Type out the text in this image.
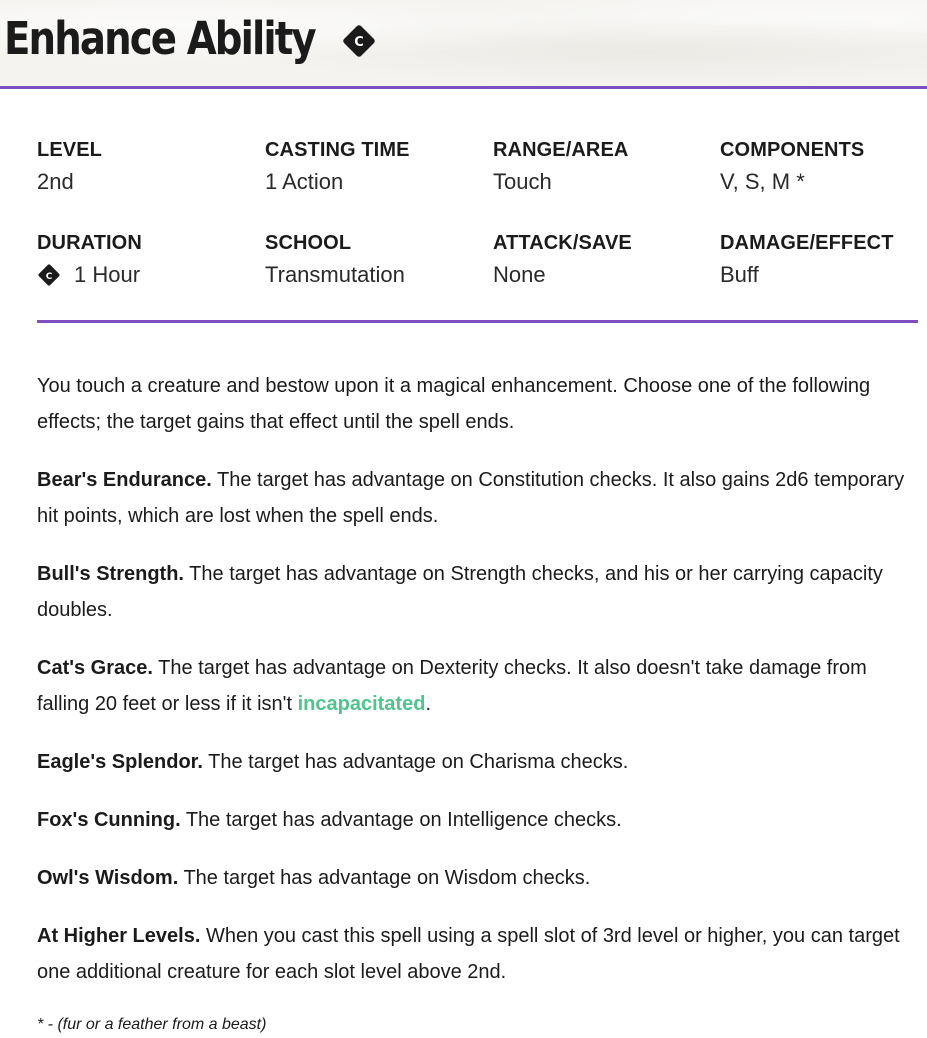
Enhance Ability	C
LEVEL
2nd
CASTING TIME
1 Action
RANGE/AREA
Touch
COMPONENTS
V, S, M *
DURATION
C 1 Hour
SCHOOL
Transmutation
ATTACK/SAVE
None
DAMAGE/EFFECT
Buff

You touch a creature and bestow upon it a magical enhancement. Choose one of the following effects; the target gains that effect until the spell ends.

Bear's Endurance. The target has advantage on Constitution checks. It also gains 2d6 temporary hit points, which are lost when the spell ends.

Bull's Strength. The target has advantage on Strength checks, and his or her carrying capacity doubles.

Cat's Grace. The target has advantage on Dexterity checks. It also doesn't take damage from falling 20 feet or less if it isn't incapacitated.

Eagle's Splendor. The target has advantage on Charisma checks.

Fox's Cunning. The target has advantage on Intelligence checks.

Owl's Wisdom. The target has advantage on Wisdom checks.

At Higher Levels. When you cast this spell using a spell slot of 3rd level or higher, you can target one additional creature for each slot level above 2nd.

* - (fur or a feather from a beast)
